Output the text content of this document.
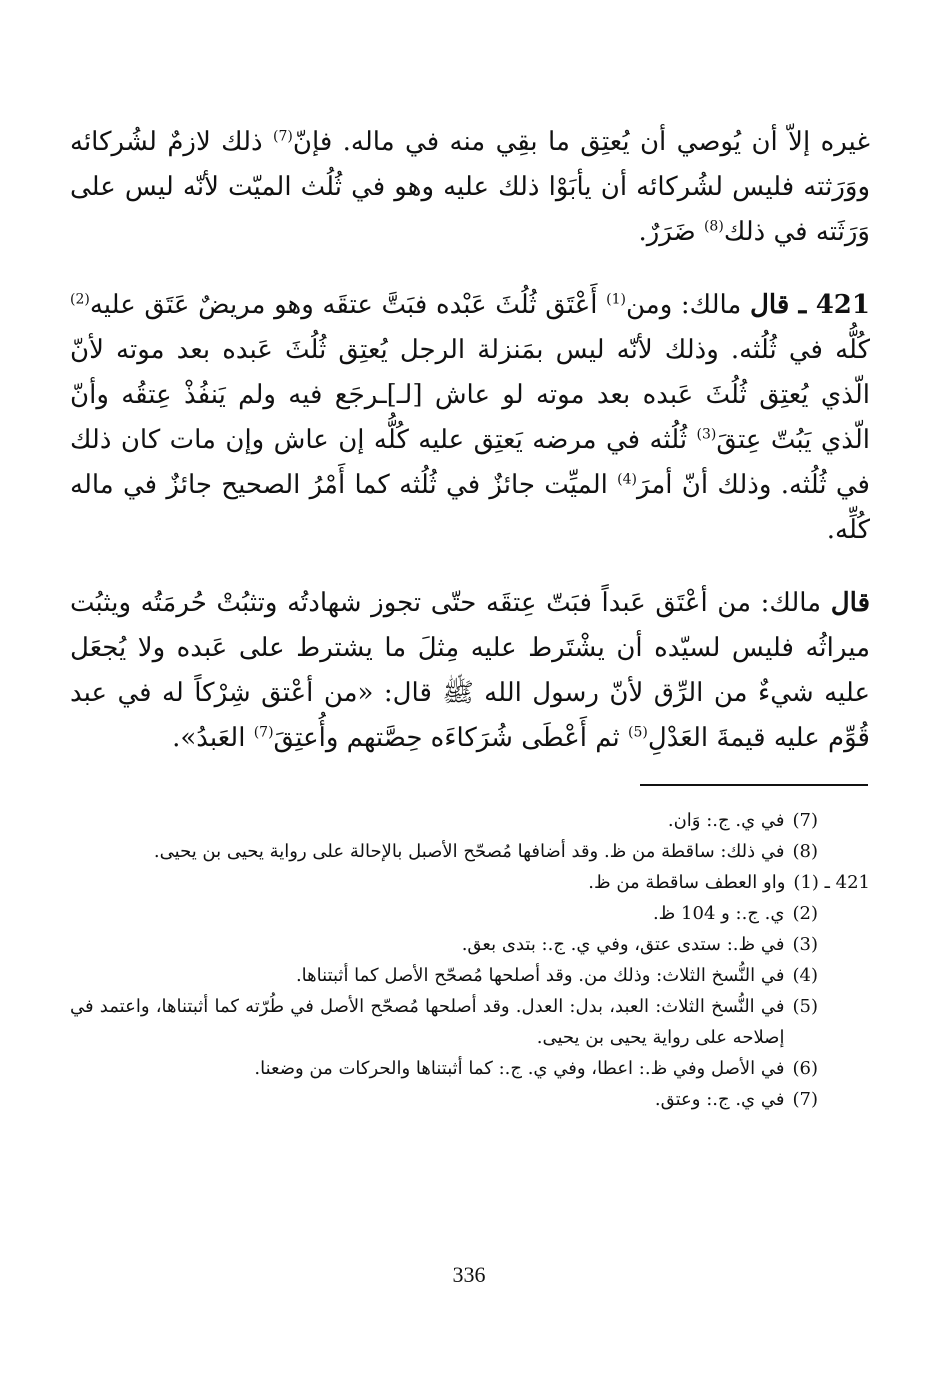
غيره إلاّ أن يُوصي أن يُعتِق ما بقِي منه في ماله. فإنّ$^{(7)}$ ذلك لازمٌ لشُركائه ووَرَثته فليس لشُركائه أن يأبَوْا ذلك عليه وهو في ثُلُث الميّت لأنّه ليس على وَرَثَته في ذلك$^{(8)}$ ضَرَرٌ.

421 ـ قال مالك: ومن$^{(1)}$ أَعْتَق ثُلُثَ عَبْده فبَتَّ عتقَه وهو مريضٌ عَتَق عليه$^{(2)}$ كُلُّه في ثُلُثه. وذلك لأنّه ليس بمَنزلة الرجل يُعتِق ثُلُثَ عَبده بعد موته لأنّ الّذي يُعتِق ثُلُثَ عَبده بعد موته لو عاش [لـ]ـرجَع فيه ولم يَنفُذْ عِتقُه وأنّ الّذي يَبُتّ عِتقَ$^{(3)}$ ثُلُثه في مرضه يَعتِق عليه كُلُّه إن عاش وإن مات كان ذلك في ثُلُثه. وذلك أنّ أمرَ$^{(4)}$ الميِّت جائزٌ في ثُلُثه كما أَمْرُ الصحيح جائزٌ في ماله كُلِّه.

قال مالك: من أعْتَق عَبداً فبَتّ عِتقَه حتّى تجوز شهادتُه وتثبُتْ حُرمَتُه ويثبُت ميراثُه فليس لسيّده أن يشْتَرط عليه مِثلَ ما يشترط على عَبده ولا يُجعَل عليه شيءٌ من الرِّق لأنّ رسول الله ﷺ قال: «من أعْتق شِرْكاً له في عبد قُوِّم عليه قيمةَ العَدْلِ$^{(5)}$ ثم أَعْطَى شُرَكاءَه حِصَّتهم وأُعتِقَ$^{(7)}$ العَبدُ».

(7)
في ي. ج.: وَان.
(8)
في ذلك: ساقطة من ظ. وقد أضافها مُصحّح الأصبل بالإحالة على رواية يحيى بن يحيى.
421 ـ (1)
واو العطف ساقطة من ظ.
(2)
ي. ج.: و 104 ظ.
(3)
في ظ.: ستدى عتق، وفي ي. ج.: بتدى بعق.
(4)
في النُّسخ الثلاث: وذلك من. وقد أصلحها مُصحّح الأصل كما أثبتناها.
(5)
في النُّسخ الثلاث: العبد، بدل: العدل. وقد أصلحها مُصحّح الأصل في طُرّته كما أثبتناها، واعتمد في إصلاحه على رواية يحيى بن يحيى.
(6)
في الأصل وفي ظ.: اعطا، وفي ي. ج.: كما أثبتناها والحركات من وضعنا.
(7)
في ي. ج.: وعتق.
336
